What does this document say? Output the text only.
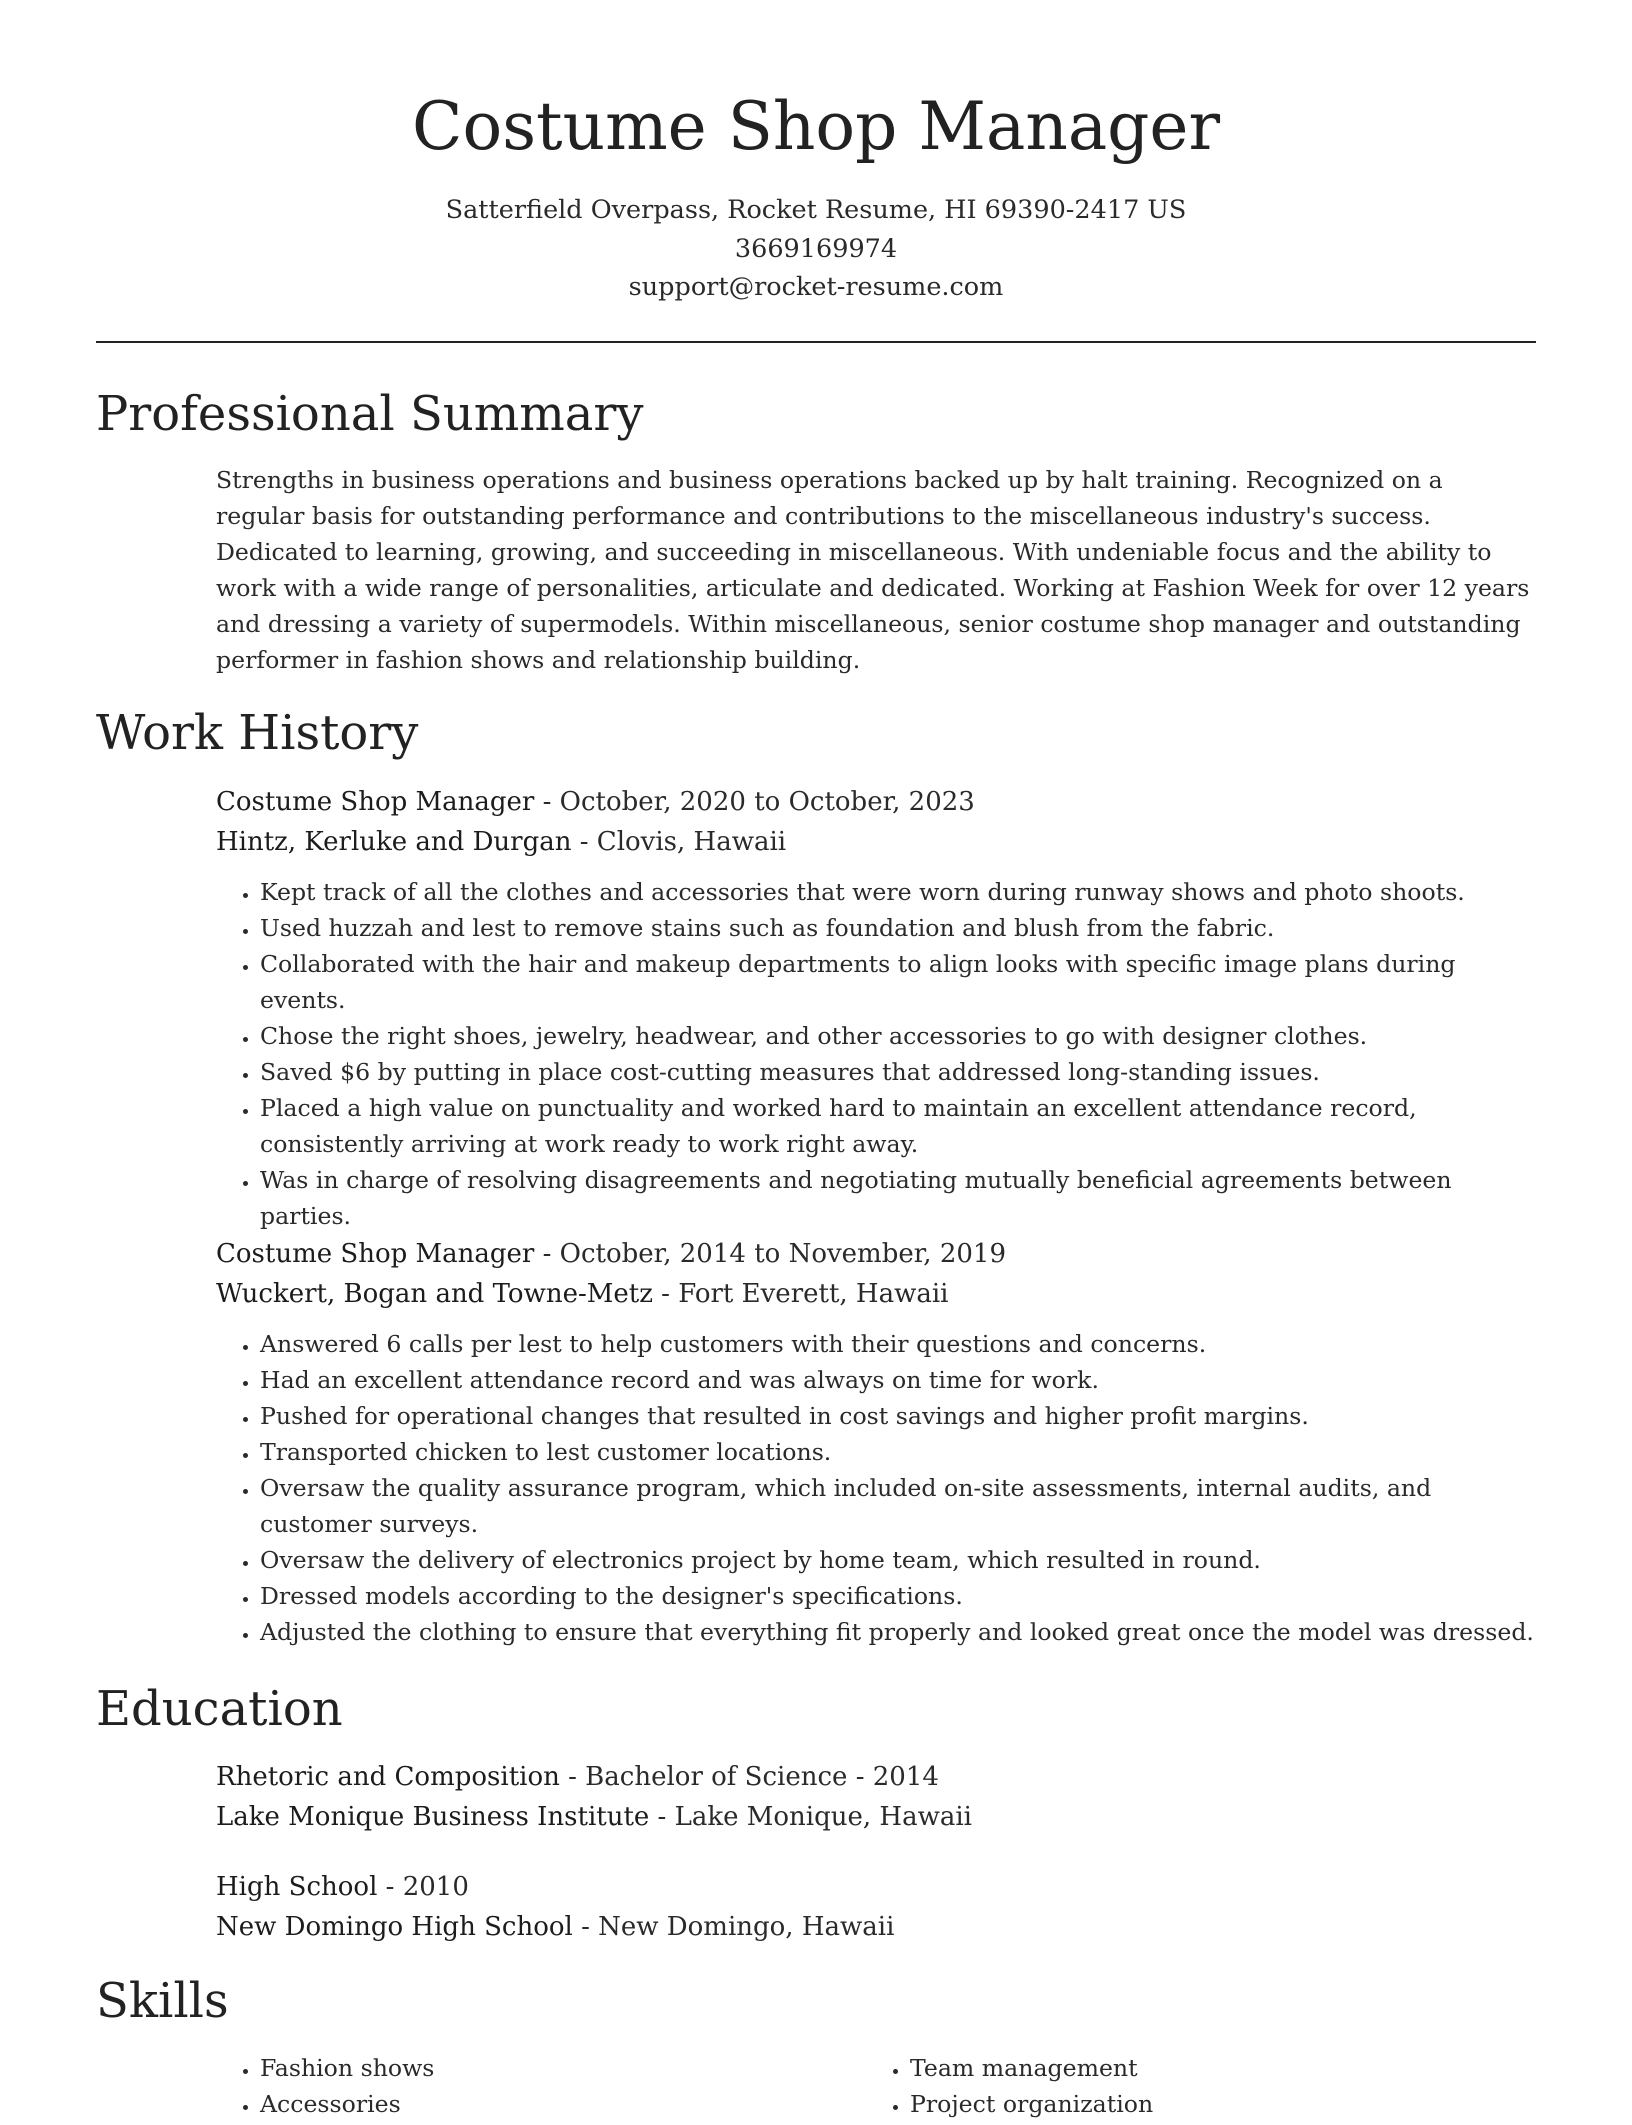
Costume Shop Manager
Satterfield Overpass, Rocket Resume, HI 69390-2417 US
3669169974
support@rocket-resume.com
Professional Summary

Strengths in business operations and business operations backed up by halt training. Recognized on a regular basis for outstanding performance and contributions to the miscellaneous industry's success. Dedicated to learning, growing, and succeeding in miscellaneous. With undeniable focus and the ability to work with a wide range of personalities, articulate and dedicated. Working at Fashion Week for over 12 years and dressing a variety of supermodels. Within miscellaneous, senior costume shop manager and outstanding performer in fashion shows and relationship building.

Work History
Costume Shop Manager - October, 2020 to October, 2023
Hintz, Kerluke and Durgan - Clovis, Hawaii
• Kept track of all the clothes and accessories that were worn during runway shows and photo shoots.
• Used huzzah and lest to remove stains such as foundation and blush from the fabric.
• Collaborated with the hair and makeup departments to align looks with specific image plans during events.
• Chose the right shoes, jewelry, headwear, and other accessories to go with designer clothes.
• Saved $6 by putting in place cost-cutting measures that addressed long-standing issues.
• Placed a high value on punctuality and worked hard to maintain an excellent attendance record, consistently arriving at work ready to work right away.
• Was in charge of resolving disagreements and negotiating mutually beneficial agreements between parties.
Costume Shop Manager - October, 2014 to November, 2019
Wuckert, Bogan and Towne-Metz - Fort Everett, Hawaii
• Answered 6 calls per lest to help customers with their questions and concerns.
• Had an excellent attendance record and was always on time for work.
• Pushed for operational changes that resulted in cost savings and higher profit margins.
• Transported chicken to lest customer locations.
• Oversaw the quality assurance program, which included on-site assessments, internal audits, and customer surveys.
• Oversaw the delivery of electronics project by home team, which resulted in round.
• Dressed models according to the designer's specifications.
• Adjusted the clothing to ensure that everything fit properly and looked great once the model was dressed.
Education
Rhetoric and Composition - Bachelor of Science - 2014
Lake Monique Business Institute - Lake Monique, Hawaii
High School - 2010
New Domingo High School - New Domingo, Hawaii
Skills
• Fashion shows
• Accessories
• Team management
• Project organization
